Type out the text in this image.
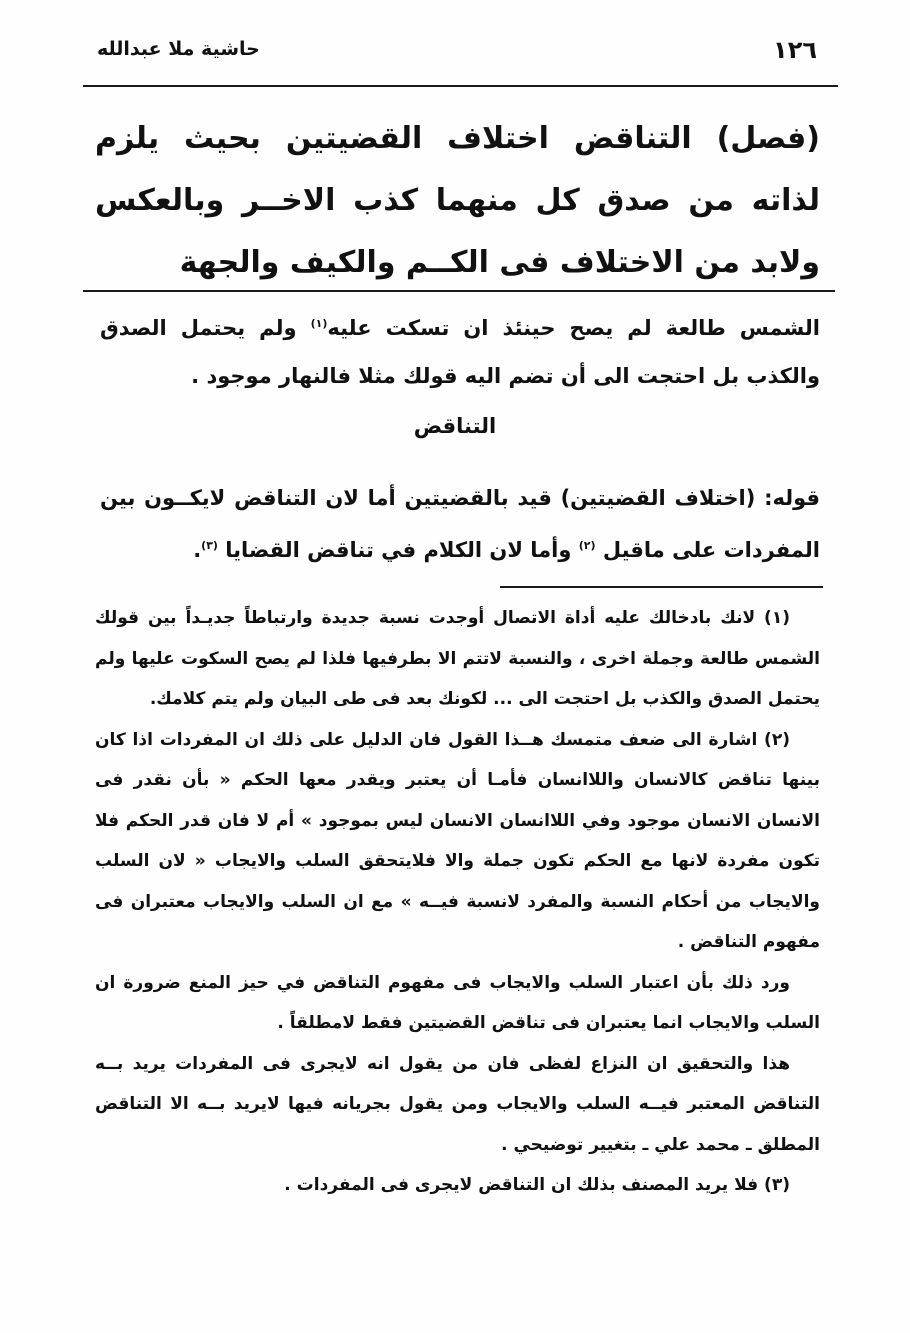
١٢٦
حاشية ملا عبدالله
(فصل) التناقض اختلاف القضيتين بحيث يلزم لذاته من صدق كل منهما كذب الاخــر وبالعكس ولابد من الاختلاف فى الكــم والكيف والجهة
الشمس طالعة لم يصح حينئذ ان تسكت عليه$^{(١)}$ ولم يحتمل الصدق والكذب بل احتجت الى أن تضم اليه قولك مثلا فالنهار موجود .
التناقض
قوله: (اختلاف القضيتين) قيد بالقضيتين أما لان التناقض لايكــون بين المفردات على ماقيل $^{(٢)}$ وأما لان الكلام في تناقض القضايا $^{(٣)}$.

(١) لانك بادخالك عليه أداة الاتصال أوجدت نسبة جديدة وارتباطاً جديـداً بين قولك الشمس طالعة وجملة اخرى ، والنسبة لاتتم الا بطرفيها فلذا لم يصح السكوت عليها ولم يحتمل الصدق والكذب بل احتجت الى ... لكونك بعد فى طى البيان ولم يتم كلامك.

(٢) اشارة الى ضعف متمسك هــذا القول فان الدليل على ذلك ان المفردات اذا كان بينها تناقض كالانسان واللاانسان فأمـا أن يعتبر ويقدر معها الحكم « بأن نقدر فى الانسان الانسان موجود وفي اللاانسان الانسان ليس بموجود » أم لا فان قدر الحكم فلا تكون مفردة لانها مع الحكم تكون جملة والا فلايتحقق السلب والايجاب « لان السلب والايجاب من أحكام النسبة والمفرد لانسبة فيــه » مع ان السلب والايجاب معتبران فى مفهوم التناقض .

ورد ذلك بأن اعتبار السلب والايجاب فى مفهوم التناقض في حيز المنع ضرورة ان السلب والايجاب انما يعتبران فى تناقض القضيتين فقط لامطلقاً .

هذا والتحقيق ان النزاع لفظى فان من يقول انه لايجرى فى المفردات يريد بــه التناقض المعتبر فيــه السلب والايجاب ومن يقول بجريانه فيها لايريد بــه الا التناقض المطلق ـ محمد علي ـ بتغيير توضيحي .

(٣) فلا يريد المصنف بذلك ان التناقض لايجرى فى المفردات .
